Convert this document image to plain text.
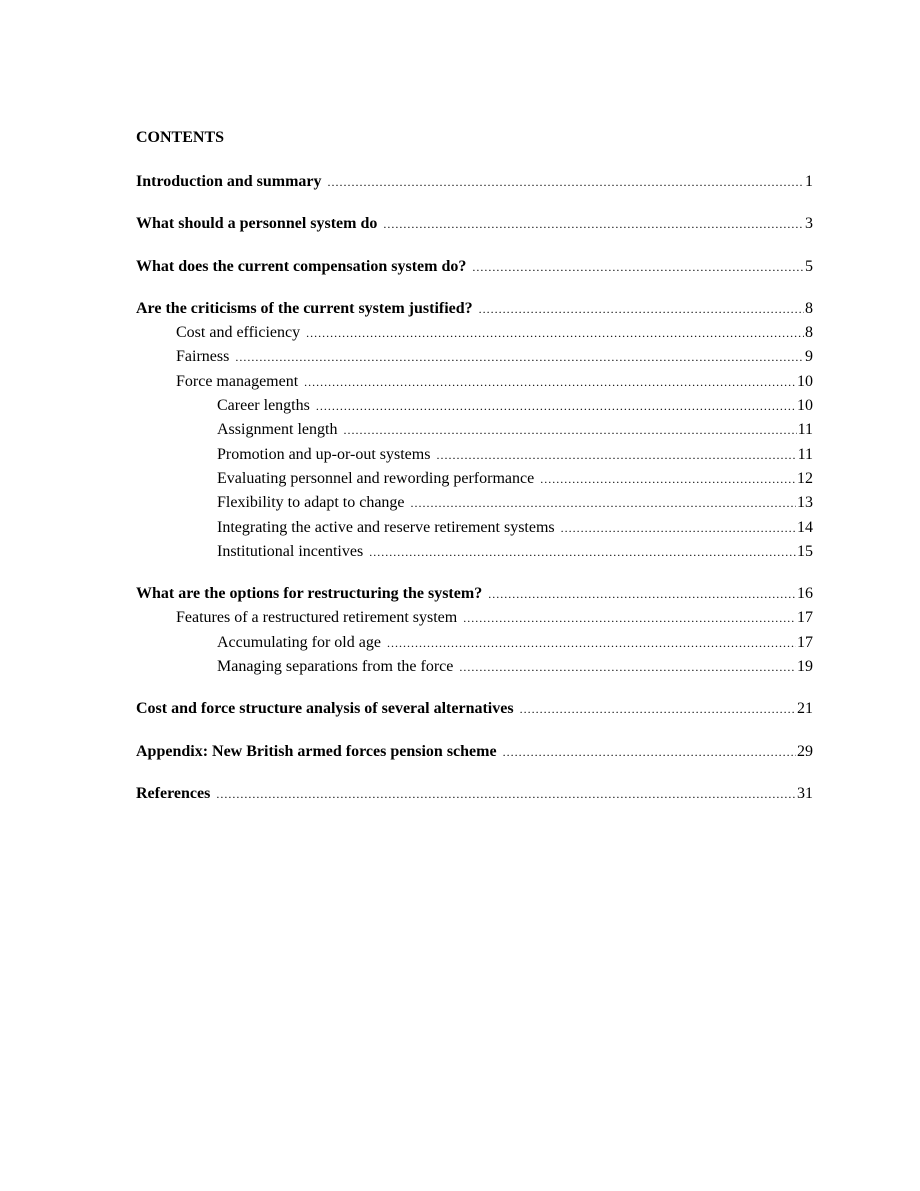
CONTENTS
Introduction and summary .....	1
What should a personnel system do .....	3
What does the current compensation system do? .....	5
Are the criticisms of the current system justified? .....	8
Cost and efficiency .....	8
Fairness .....	9
Force management .....	10
Career lengths .....	10
Assignment length .....	11
Promotion and up-or-out systems .....	11
Evaluating personnel and rewording performance .....	12
Flexibility to adapt to change .....	13
Integrating the active and reserve retirement systems .....	14
Institutional incentives .....	15
What are the options for restructuring the system? .....	16
Features of a restructured retirement system .....	17
Accumulating for old age .....	17
Managing separations from the force .....	19
Cost and force structure analysis of several alternatives .....	21
Appendix: New British armed forces pension scheme .....	29
References .....	31
